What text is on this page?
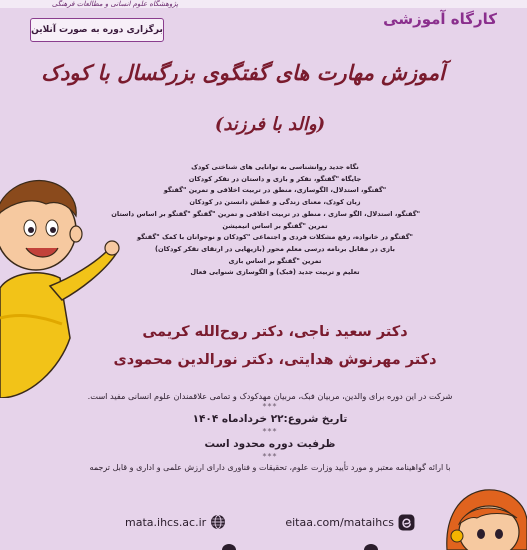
پژوهشگاه علوم انسانی و مطالعات فرهنگی
برگزاری دوره به صورت آنلاین
کارگاه آموزشی
آموزش مهارت های گفتگوی بزرگسال با کودک
(والد با فرزند)
نگاه جدید روانشناسی به توانایی های شناختی کودک
جایگاه "گفتگو، تفکر و بازی و داستان در تفکر کودکان
"گفتگو، استدلال، الگوسازی، منطق در تربیت اخلاقی و تمرین "گفتگو
زبان کودک، معنای زندگی و عطش دانستن در کودکان
"گفتگو، استدلال، الگو سازی ، منطق در تربیت اخلاقی و تمرین "گفتگو "گفتگو بر اساس داستان
تمرین "گفتگو بر اساس انیمیشن
"گفتگو در خانواده، رفع مشکلات فردی و اجتماعی "کودکان و نوجوانان با کمک "گفتگو
بازی در مقابل برنامه درسی معلم محور (بازیهایی در ارتقای تفکر کودکان)
تمرین "گفتگو بر اساس بازی
تعلیم و تربیت جدید (فبک) و الگوسازی شنوایی فعال
دکتر سعید ناجی، دکتر روح‌الله کریمی
دکتر مهرنوش هدایتی، دکتر نورالدین محمودی
شرکت در این دوره برای والدین، مربیان فبک، مربیان مهدکودک و تمامی علاقمندان علوم انسانی مفید است.
***
تاریخ شروع:۲۲ خردادماه ۱۴۰۴
***
ظرفیت دوره محدود است
***
با ارائه گواهینامه معتبر و مورد تأیید وزارت علوم، تحقیقات و فناوری دارای ارزش علمی و اداری و قابل ترجمه
mata.ihcs.ac.ir	eitaa.com/mataihcs
